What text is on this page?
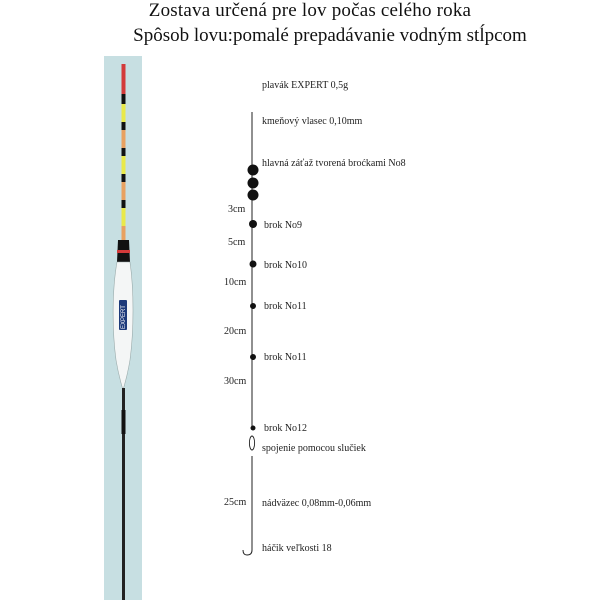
Zostava určená pre lov počas celého roka

Spôsob lovu:pomalé prepadávanie vodným stĺpcom

EXPERT
plavák EXPERT 0,5g
kmeňový vlasec 0,10mm
hlavná záťaž tvorená broćkami No8
brok No9
brok No10
brok No11
brok No11
brok No12
spojenie pomocou slučiek
nádväzec 0,08mm-0,06mm
háčik veľkosti 18
3cm
5cm
10cm
20cm
30cm
25cm
